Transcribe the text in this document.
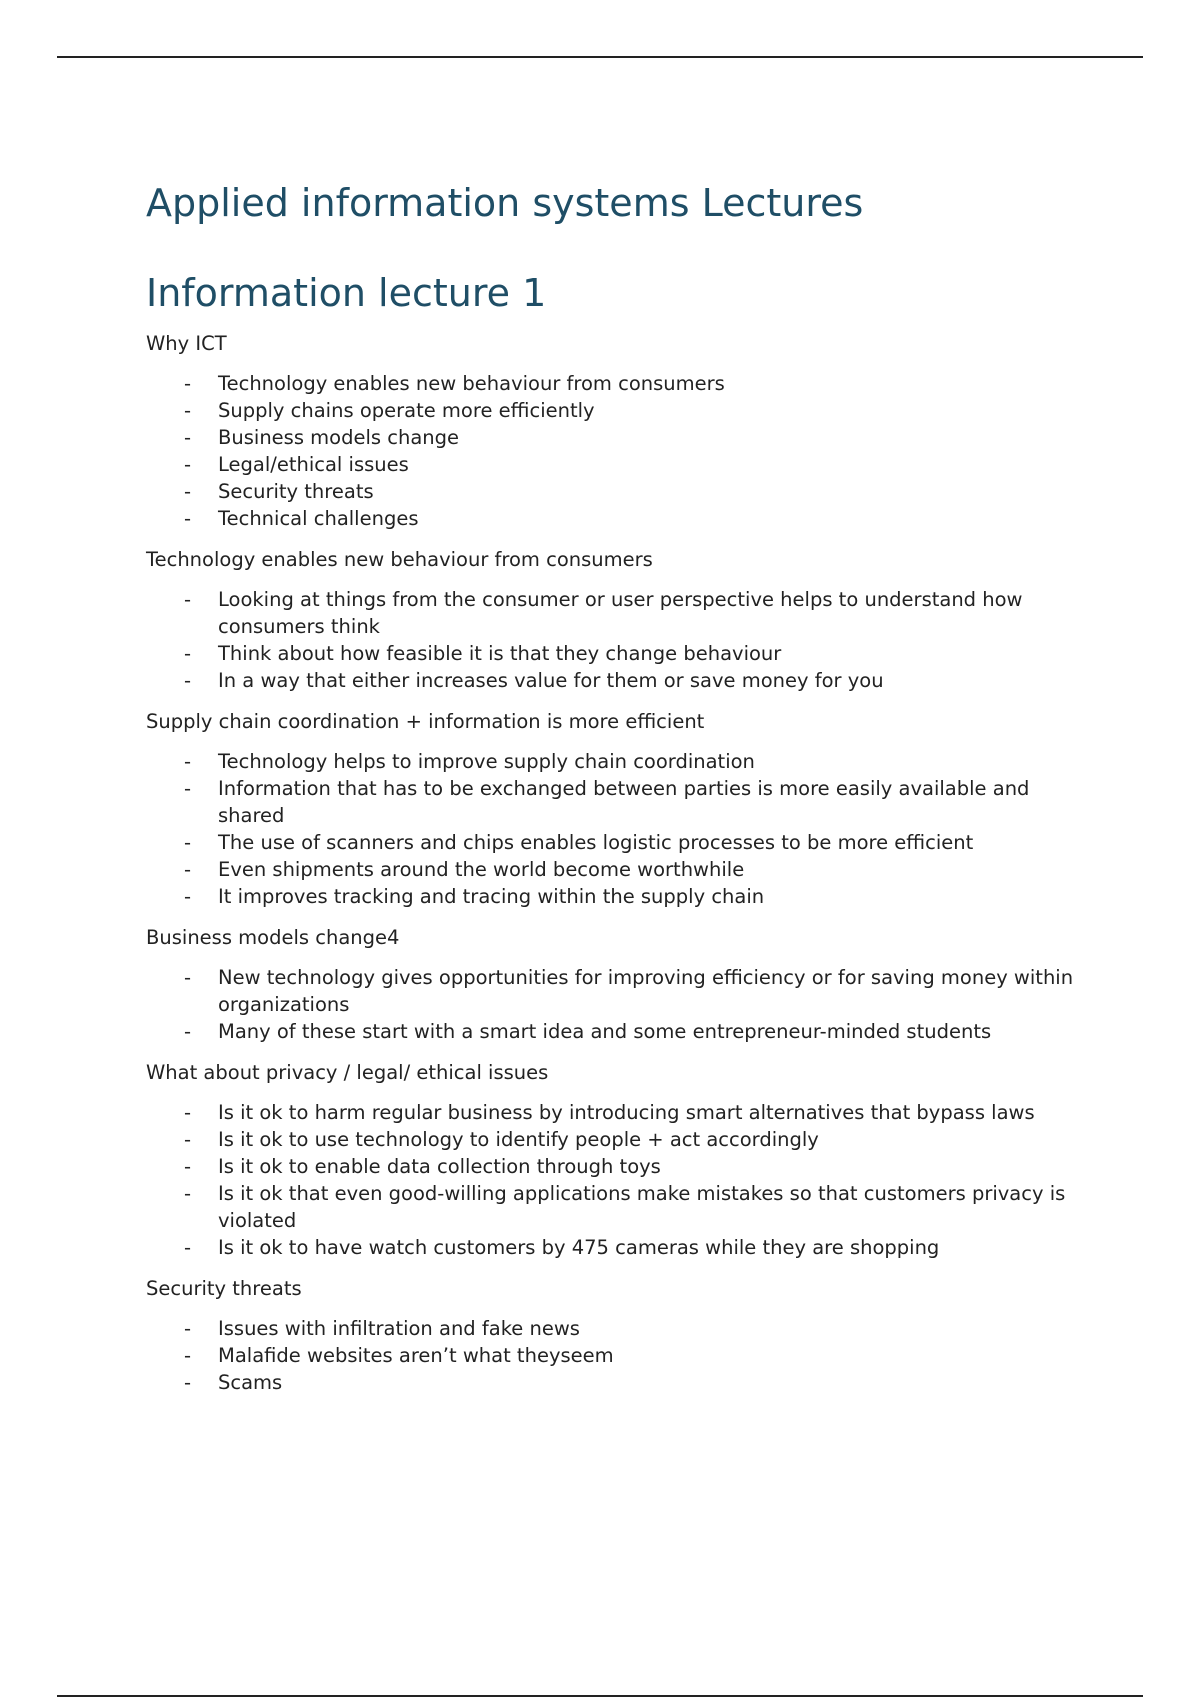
Applied information systems Lectures
Information lecture 1

Why ICT

- Technology enables new behaviour from consumers
- Supply chains operate more efficiently
- Business models change
- Legal/ethical issues
- Security threats
- Technical challenges

Technology enables new behaviour from consumers

- Looking at things from the consumer or user perspective helps to understand how consumers think
- Think about how feasible it is that they change behaviour
- In a way that either increases value for them or save money for you

Supply chain coordination + information is more efficient

- Technology helps to improve supply chain coordination
- Information that has to be exchanged between parties is more easily available and shared
- The use of scanners and chips enables logistic processes to be more efficient
- Even shipments around the world become worthwhile
- It improves tracking and tracing within the supply chain

Business models change4

- New technology gives opportunities for improving efficiency or for saving money within organizations
- Many of these start with a smart idea and some entrepreneur-minded students

What about privacy / legal/ ethical issues

- Is it ok to harm regular business by introducing smart alternatives that bypass laws
- Is it ok to use technology to identify people + act accordingly
- Is it ok to enable data collection through toys
- Is it ok that even good-willing applications make mistakes so that customers privacy is violated
- Is it ok to have watch customers by 475 cameras while they are shopping

Security threats

- Issues with infiltration and fake news
- Malafide websites aren’t what theyseem
- Scams
